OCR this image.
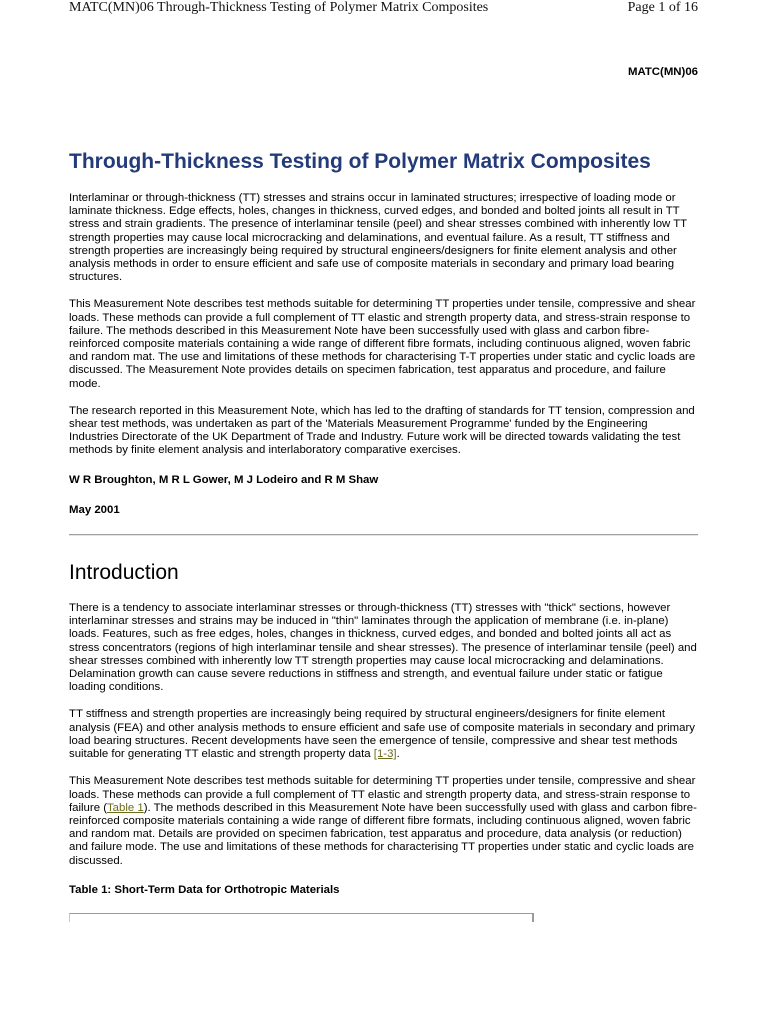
MATC(MN)06 Through-Thickness Testing of Polymer Matrix Composites	Page 1 of 16
MATC(MN)06
Through-Thickness Testing of Polymer Matrix Composites

Interlaminar or through-thickness (TT) stresses and strains occur in laminated structures; irrespective of loading mode or laminate thickness. Edge effects, holes, changes in thickness, curved edges, and bonded and bolted joints all result in TT stress and strain gradients. The presence of interlaminar tensile (peel) and shear stresses combined with inherently low TT strength properties may cause local microcracking and delaminations, and eventual failure. As a result, TT stiffness and strength properties are increasingly being required by structural engineers/designers for finite element analysis and other analysis methods in order to ensure efficient and safe use of composite materials in secondary and primary load bearing structures.

This Measurement Note describes test methods suitable for determining TT properties under tensile, compressive and shear loads. These methods can provide a full complement of TT elastic and strength property data, and stress-strain response to failure. The methods described in this Measurement Note have been successfully used with glass and carbon fibre-reinforced composite materials containing a wide range of different fibre formats, including continuous aligned, woven fabric and random mat. The use and limitations of these methods for characterising T-T properties under static and cyclic loads are discussed. The Measurement Note provides details on specimen fabrication, test apparatus and procedure, and failure mode.

The research reported in this Measurement Note, which has led to the drafting of standards for TT tension, compression and shear test methods, was undertaken as part of the 'Materials Measurement Programme' funded by the Engineering Industries Directorate of the UK Department of Trade and Industry. Future work will be directed towards validating the test methods by finite element analysis and interlaboratory comparative exercises.

W R Broughton, M R L Gower, M J Lodeiro and R M Shaw

May 2001

Introduction

There is a tendency to associate interlaminar stresses or through-thickness (TT) stresses with "thick" sections, however interlaminar stresses and strains may be induced in "thin" laminates through the application of membrane (i.e. in-plane) loads. Features, such as free edges, holes, changes in thickness, curved edges, and bonded and bolted joints all act as stress concentrators (regions of high interlaminar tensile and shear stresses). The presence of interlaminar tensile (peel) and shear stresses combined with inherently low TT strength properties may cause local microcracking and delaminations. Delamination growth can cause severe reductions in stiffness and strength, and eventual failure under static or fatigue loading conditions.

TT stiffness and strength properties are increasingly being required by structural engineers/designers for finite element analysis (FEA) and other analysis methods to ensure efficient and safe use of composite materials in secondary and primary load bearing structures. Recent developments have seen the emergence of tensile, compressive and shear test methods suitable for generating TT elastic and strength property data [1-3].

This Measurement Note describes test methods suitable for determining TT properties under tensile, compressive and shear loads. These methods can provide a full complement of TT elastic and strength property data, and stress-strain response to failure (Table 1). The methods described in this Measurement Note have been successfully used with glass and carbon fibre-reinforced composite materials containing a wide range of different fibre formats, including continuous aligned, woven fabric and random mat. Details are provided on specimen fabrication, test apparatus and procedure, data analysis (or reduction) and failure mode. The use and limitations of these methods for characterising TT properties under static and cyclic loads are discussed.

Table 1: Short-Term Data for Orthotropic Materials
